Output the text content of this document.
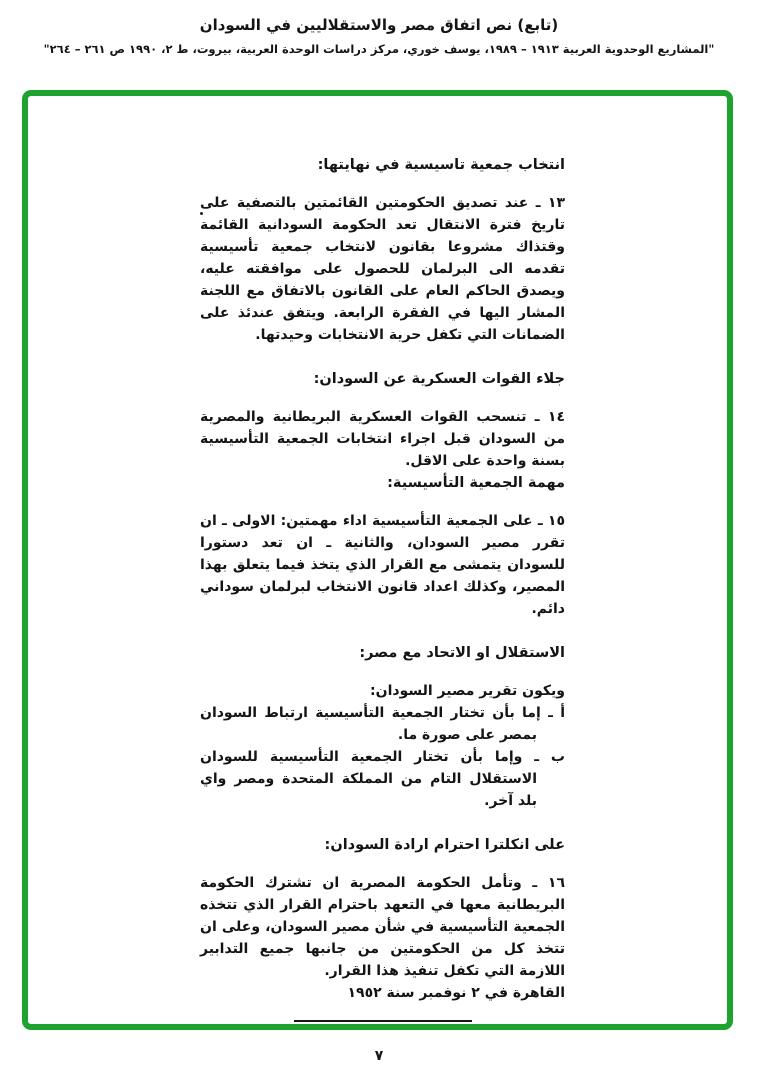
(تابع) نص اتفاق مصر والاستقلاليين في السودان
"المشاريع الوحدوية العربية ١٩١٣ – ١٩٨٩، يوسف خوري، مركز دراسات الوحدة العربية، بيروت، ط ٢، ١٩٩٠ ص ٢٦١ – ٢٦٤"
انتخاب جمعية تاسيسية في نهايتها:

١٣ ـ عند تصديق الحكومتين القائمتين بالتصفية على تاريخ فترة الانتقال تعد الحكومة السودانية القائمة وقتذاك مشروعا بقانون لانتخاب جمعية تأسيسية تقدمه الى البرلمان للحصول على موافقته عليه، ويصدق الحاكم العام على القانون بالاتفاق مع اللجنة المشار اليها في الفقرة الرابعة. ويتفق عندئذ على الضمانات التي تكفل حرية الانتخابات وحيدتها.

جلاء القوات العسكرية عن السودان:

١٤ ـ تنسحب القوات العسكرية البريطانية والمصرية من السودان قبل اجراء انتخابات الجمعية التأسيسية بسنة واحدة على الاقل.

مهمة الجمعية التأسيسية:

١٥ ـ على الجمعية التأسيسية اداء مهمتين: الاولى ـ ان تقرر مصير السودان، والثانية ـ ان تعد دستورا للسودان يتمشى مع القرار الذي يتخذ فيما يتعلق بهذا المصير، وكذلك اعداد قانون الانتخاب لبرلمان سوداني دائم.

الاستقلال او الاتحاد مع مصر:

ويكون تقرير مصير السودان:

أ ـ إما بأن تختار الجمعية التأسيسية ارتباط السودان بمصر على صورة ما.

ب ـ وإما بأن تختار الجمعية التأسيسية للسودان الاستقلال التام من المملكة المتحدة ومصر واي بلد آخر.

على انكلترا احترام ارادة السودان:

١٦ ـ وتأمل الحكومة المصرية ان تشترك الحكومة البريطانية معها في التعهد باحترام القرار الذي تتخذه الجمعية التأسيسية في شأن مصير السودان، وعلى ان تتخذ كل من الحكومتين من جانبها جميع التدابير اللازمة التي تكفل تنفيذ هذا القرار.

القاهرة في ٢ نوفمبر سنة ١٩٥٢

٧
